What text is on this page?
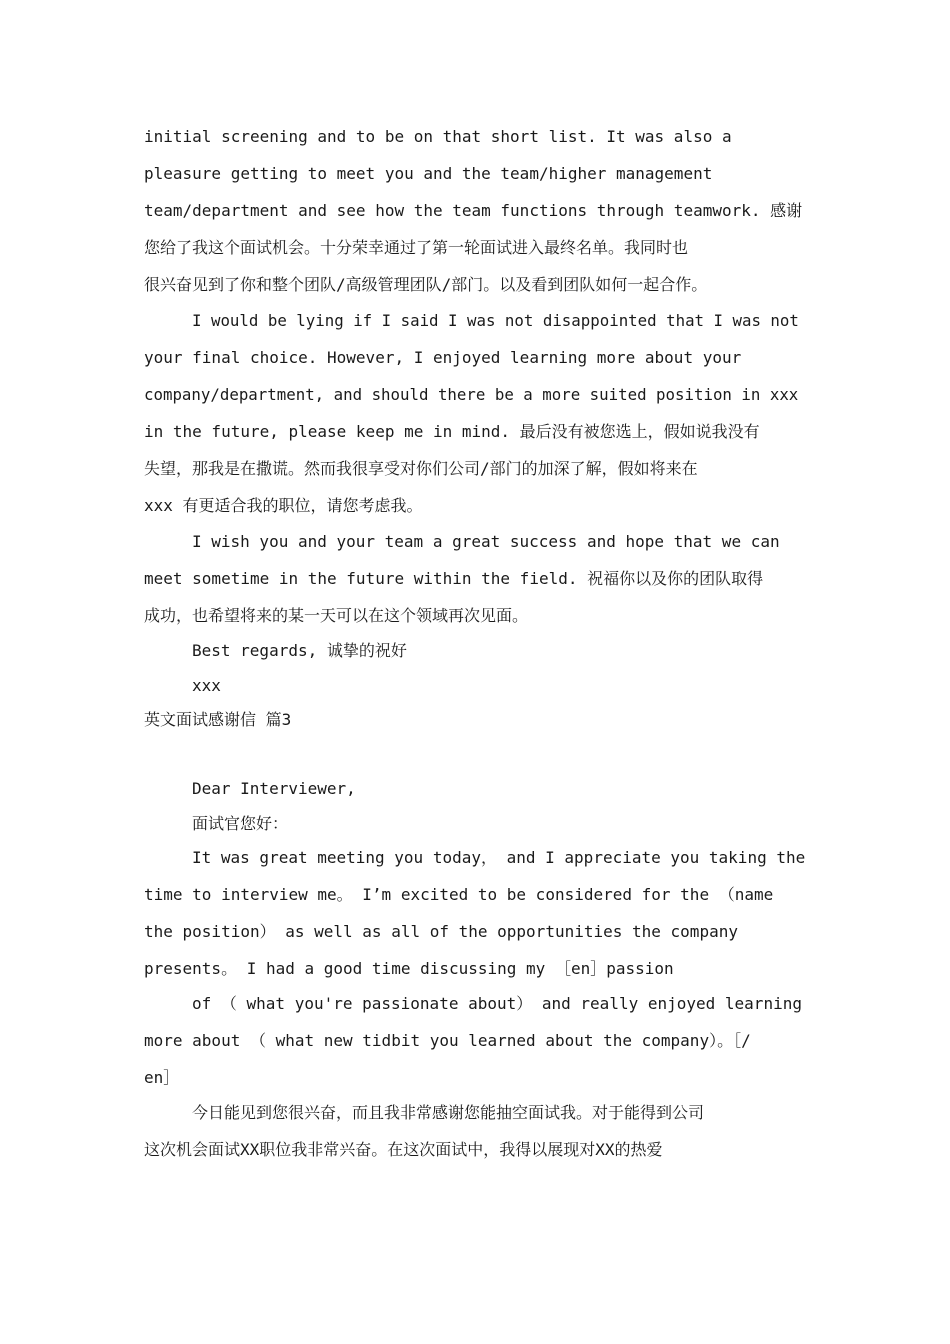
initial screening and to be on that short list. It was also a

pleasure getting to meet you and the team/higher management

team/department and see how the team functions through teamwork. 感谢

您给了我这个面试机会。十分荣幸通过了第一轮面试进入最终名单。我同时也

很兴奋见到了你和整个团队/高级管理团队/部门。以及看到团队如何一起合作。

I would be lying if I said I was not disappointed that I was not

your final choice. However, I enjoyed learning more about your

company/department, and should there be a more suited position in xxx

in the future, please keep me in mind. 最后没有被您选上，假如说我没有

失望，那我是在撒谎。然而我很享受对你们公司/部门的加深了解，假如将来在

xxx 有更适合我的职位，请您考虑我。

I wish you and your team a great success and hope that we can

meet sometime in the future within the field. 祝福你以及你的团队取得

成功，也希望将来的某一天可以在这个领域再次见面。

Best regards, 诚挚的祝好

xxx

英文面试感谢信 篇3

Dear Interviewer,

面试官您好：

It was great meeting you today， and I appreciate you taking the

time to interview me。 I’m excited to be considered for the （name

the position） as well as all of the opportunities the company

presents。 I had a good time discussing my ［en］passion

of （ what you're passionate about） and really enjoyed learning

more about （ what new tidbit you learned about the company）。［/

en］

今日能见到您很兴奋，而且我非常感谢您能抽空面试我。对于能得到公司

这次机会面试XX职位我非常兴奋。在这次面试中，我得以展现对XX的热爱
